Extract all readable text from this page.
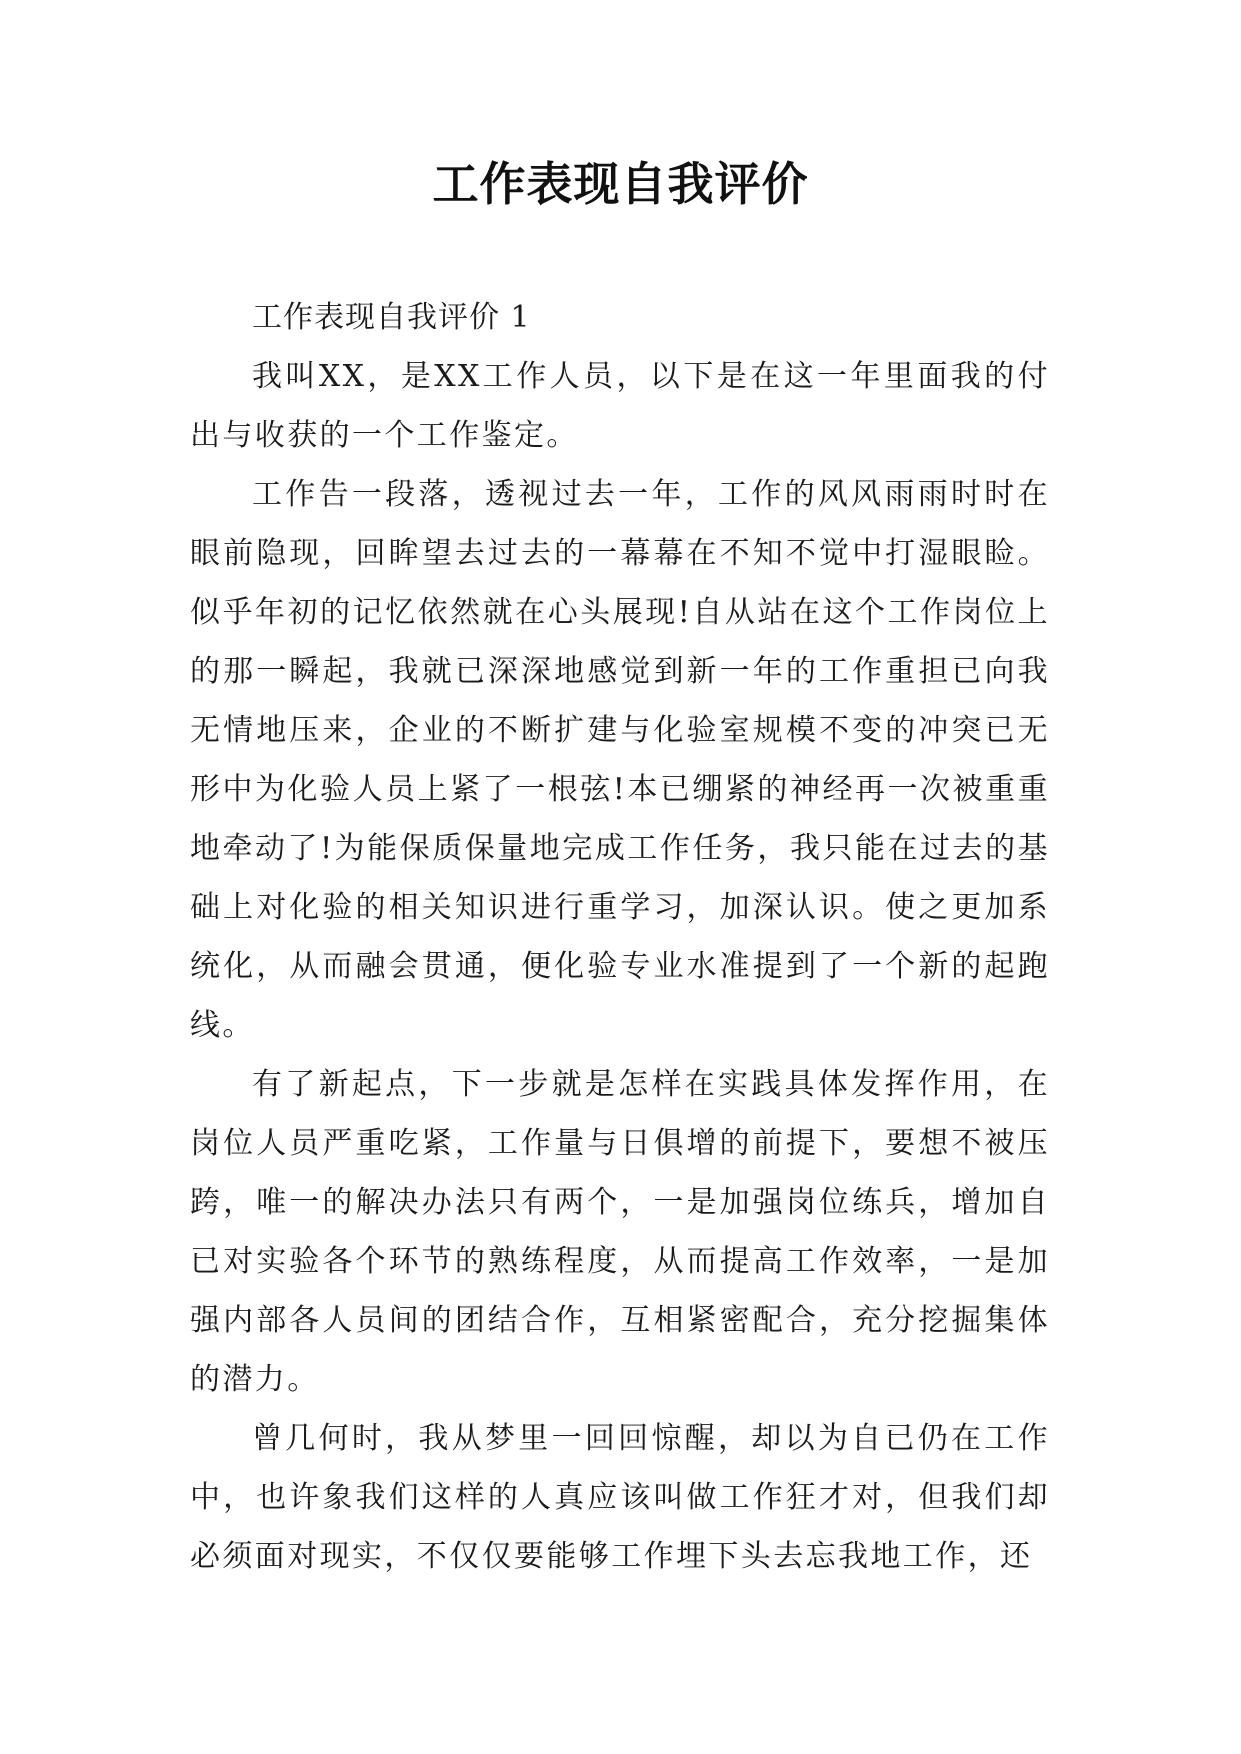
工作表现自我评价

工作表现自我评价 1

我叫XX，是XX工作人员，以下是在这一年里面我的付出与收获的一个工作鉴定。

工作告一段落，透视过去一年，工作的风风雨雨时时在眼前隐现，回眸望去过去的一幕幕在不知不觉中打湿眼睑。似乎年初的记忆依然就在心头展现!自从站在这个工作岗位上的那一瞬起，我就已深深地感觉到新一年的工作重担已向我无情地压来，企业的不断扩建与化验室规模不变的冲突已无形中为化验人员上紧了一根弦!本已绷紧的神经再一次被重重地牵动了!为能保质保量地完成工作任务，我只能在过去的基础上对化验的相关知识进行重学习，加深认识。使之更加系统化，从而融会贯通，便化验专业水准提到了一个新的起跑线。

有了新起点，下一步就是怎样在实践具体发挥作用，在岗位人员严重吃紧，工作量与日俱增的前提下，要想不被压跨，唯一的解决办法只有两个，一是加强岗位练兵，增加自已对实验各个环节的熟练程度，从而提高工作效率，一是加强内部各人员间的团结合作，互相紧密配合，充分挖掘集体的潜力。

曾几何时，我从梦里一回回惊醒，却以为自已仍在工作中，也许象我们这样的人真应该叫做工作狂才对，但我们却必须面对现实，不仅仅要能够工作埋下头去忘我地工作，还
